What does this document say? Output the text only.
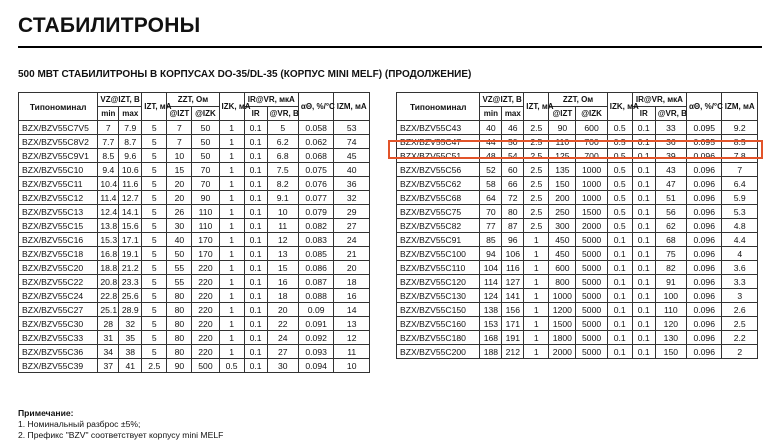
СТАБИЛИТРОНЫ
500 МВТ СТАБИЛИТРОНЫ В КОРПУСАХ DO-35/DL-35 (КОРПУС MINI MELF) (ПРОДОЛЖЕНИЕ)
Типономинал	VZ@IZT, В		IZT, мА	ZZT, Ом		IZK, мА	IR@VR, мкА		αΘ, %/°C	IZM, мА
	min	max		@IZT	@IZK		IR	@VR, В		
BZX/BZV55C7V5	7	7.9	5	7	50	1	0.1	5	0.058	53
BZX/BZV55C8V2	7.7	8.7	5	7	50	1	0.1	6.2	0.062	74
BZX/BZV55C9V1	8.5	9.6	5	10	50	1	0.1	6.8	0.068	45
BZX/BZV55C10	9.4	10.6	5	15	70	1	0.1	7.5	0.075	40
BZX/BZV55C11	10.4	11.6	5	20	70	1	0.1	8.2	0.076	36
BZX/BZV55C12	11.4	12.7	5	20	90	1	0.1	9.1	0.077	32
BZX/BZV55C13	12.4	14.1	5	26	110	1	0.1	10	0.079	29
BZX/BZV55C15	13.8	15.6	5	30	110	1	0.1	11	0.082	27
BZX/BZV55C16	15.3	17.1	5	40	170	1	0.1	12	0.083	24
BZX/BZV55C18	16.8	19.1	5	50	170	1	0.1	13	0.085	21
BZX/BZV55C20	18.8	21.2	5	55	220	1	0.1	15	0.086	20
BZX/BZV55C22	20.8	23.3	5	55	220	1	0.1	16	0.087	18
BZX/BZV55C24	22.8	25.6	5	80	220	1	0.1	18	0.088	16
BZX/BZV55C27	25.1	28.9	5	80	220	1	0.1	20	0.09	14
BZX/BZV55C30	28	32	5	80	220	1	0.1	22	0.091	13
BZX/BZV55C33	31	35	5	80	220	1	0.1	24	0.092	12
BZX/BZV55C36	34	38	5	80	220	1	0.1	27	0.093	11
BZX/BZV55C39	37	41	2.5	90	500	0.5	0.1	30	0.094	10
Типономинал	VZ@IZT, В		IZT, мА	ZZT, Ом		IZK, мА	IR@VR, мкА		αΘ, %/°C	IZM, мА
	min	max		@IZT	@IZK		IR	@VR, В		
BZX/BZV55C43	40	46	2.5	90	600	0.5	0.1	33	0.095	9.2
BZX/BZV55C47	44	50	2.5	110	700	0.5	0.1	36	0.095	8.5
BZX/BZV55C51	48	54	2.5	125	700	0.5	0.1	39	0.096	7.8
BZX/BZV55C56	52	60	2.5	135	1000	0.5	0.1	43	0.096	7
BZX/BZV55C62	58	66	2.5	150	1000	0.5	0.1	47	0.096	6.4
BZX/BZV55C68	64	72	2.5	200	1000	0.5	0.1	51	0.096	5.9
BZX/BZV55C75	70	80	2.5	250	1500	0.5	0.1	56	0.096	5.3
BZX/BZV55C82	77	87	2.5	300	2000	0.5	0.1	62	0.096	4.8
BZX/BZV55C91	85	96	1	450	5000	0.1	0.1	68	0.096	4.4
BZX/BZV55C100	94	106	1	450	5000	0.1	0.1	75	0.096	4
BZX/BZV55C110	104	116	1	600	5000	0.1	0.1	82	0.096	3.6
BZX/BZV55C120	114	127	1	800	5000	0.1	0.1	91	0.096	3.3
BZX/BZV55C130	124	141	1	1000	5000	0.1	0.1	100	0.096	3
BZX/BZV55C150	138	156	1	1200	5000	0.1	0.1	110	0.096	2.6
BZX/BZV55C160	153	171	1	1500	5000	0.1	0.1	120	0.096	2.5
BZX/BZV55C180	168	191	1	1800	5000	0.1	0.1	130	0.096	2.2
BZX/BZV55C200	188	212	1	2000	5000	0.1	0.1	150	0.096	2
Примечание:
1. Номинальный разброс ±5%;
2. Префикс "BZV" соответствует корпусу mini MELF
